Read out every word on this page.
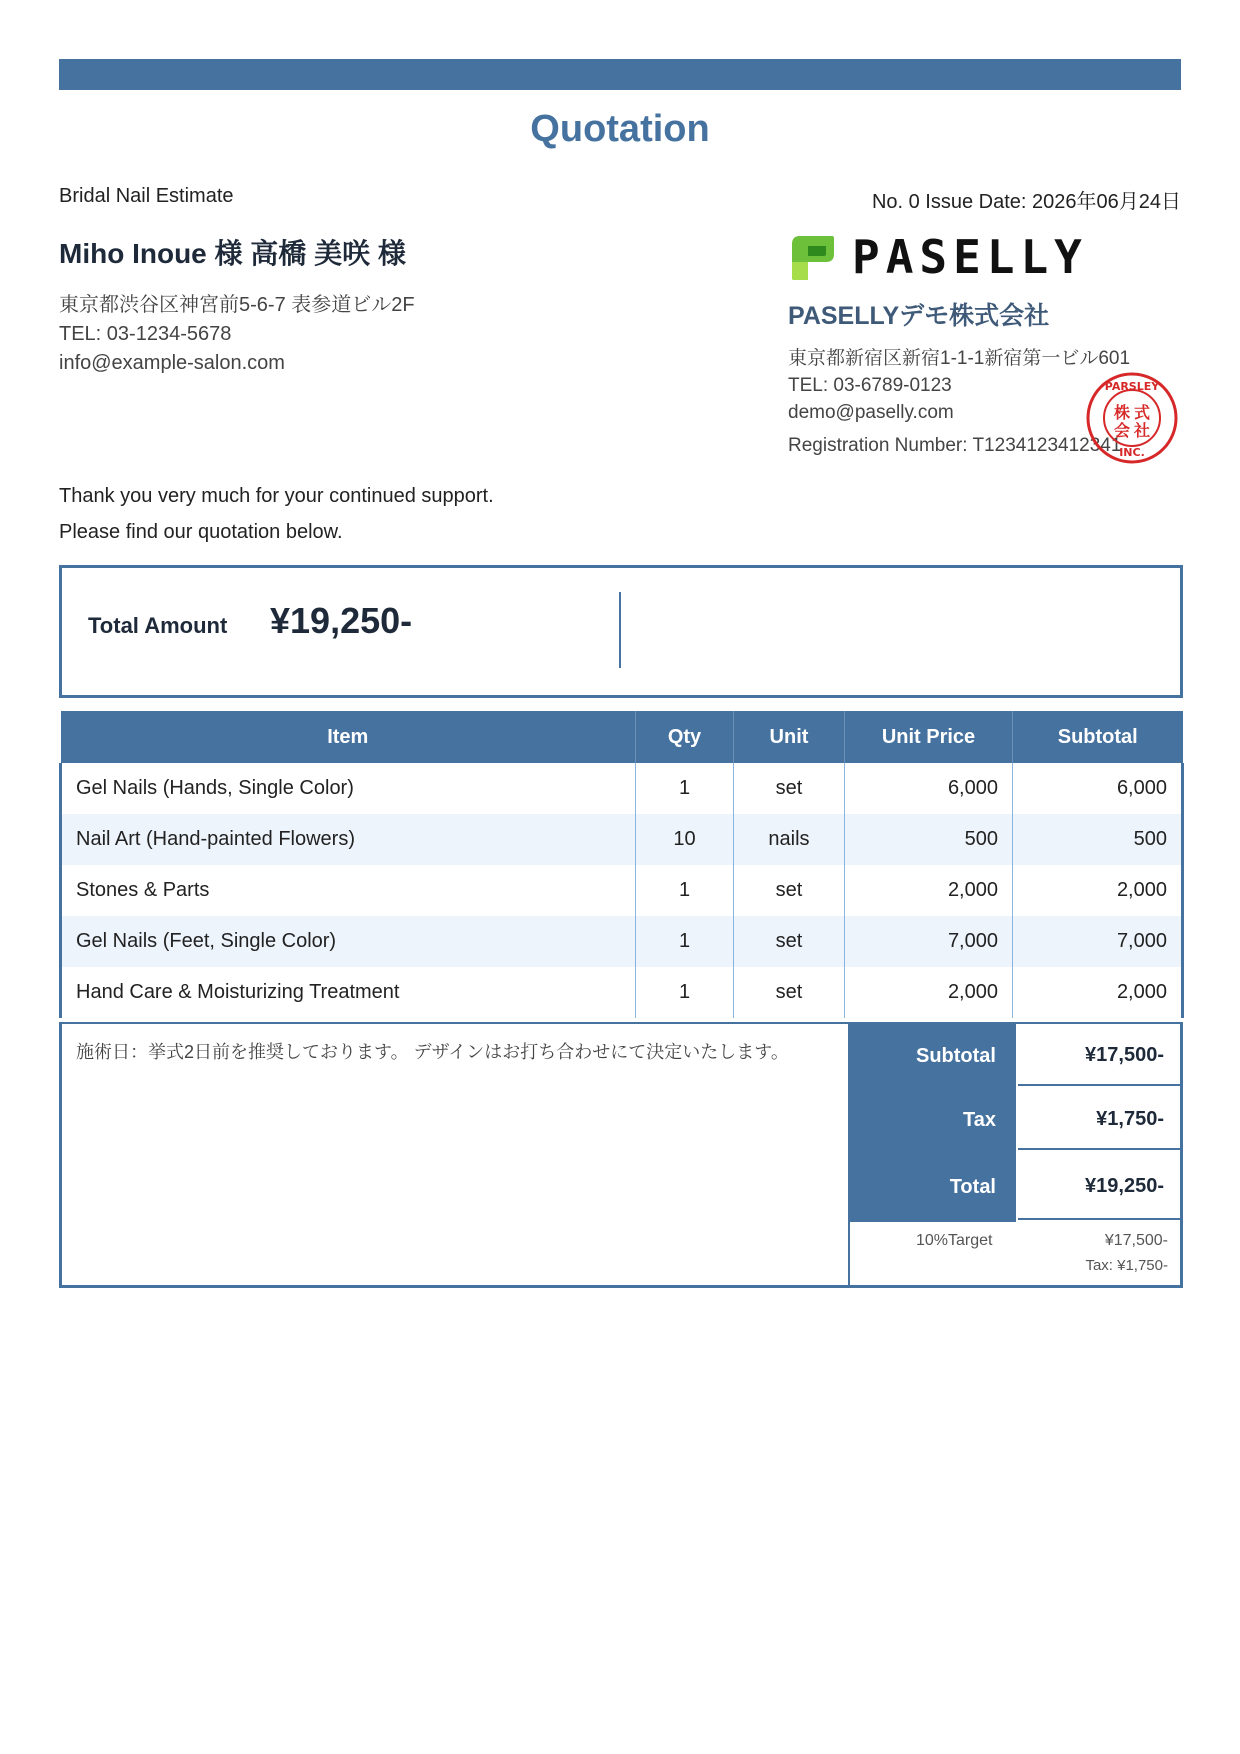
Quotation
Bridal Nail Estimate	No. 0 Issue Date: 2026年06月24日
Miho Inoue 様 高橋 美咲 様
東京都渋谷区神宮前5-6-7 表参道ビル2F
TEL: 03-1234-5678
info@example-salon.com
PASELLY
PASELLYデモ株式会社
東京都新宿区新宿1-1-1新宿第一ビル601
TEL: 03-6789-0123
demo@paselly.com
Registration Number: T1234123412341
PARSLEY
INC.
株 式
会 社
Thank you very much for your continued support.
Please find our quotation below.
Total Amount ¥19,250-
Item	Qty	Unit	Unit Price	Subtotal
Gel Nails (Hands, Single Color)	1	set	6,000	6,000
Nail Art (Hand-painted Flowers)	10	nails	500	500
Stones & Parts	1	set	2,000	2,000
Gel Nails (Feet, Single Color)	1	set	7,000	7,000
Hand Care & Moisturizing Treatment	1	set	2,000	2,000
施術日：挙式2日前を推奨しております。 デザインはお打ち合わせにて決定いたします。	Subtotal	¥17,500-
Tax	¥1,750-
Total	¥19,250-
10%Target	¥17,500-
Tax: ¥1,750-
